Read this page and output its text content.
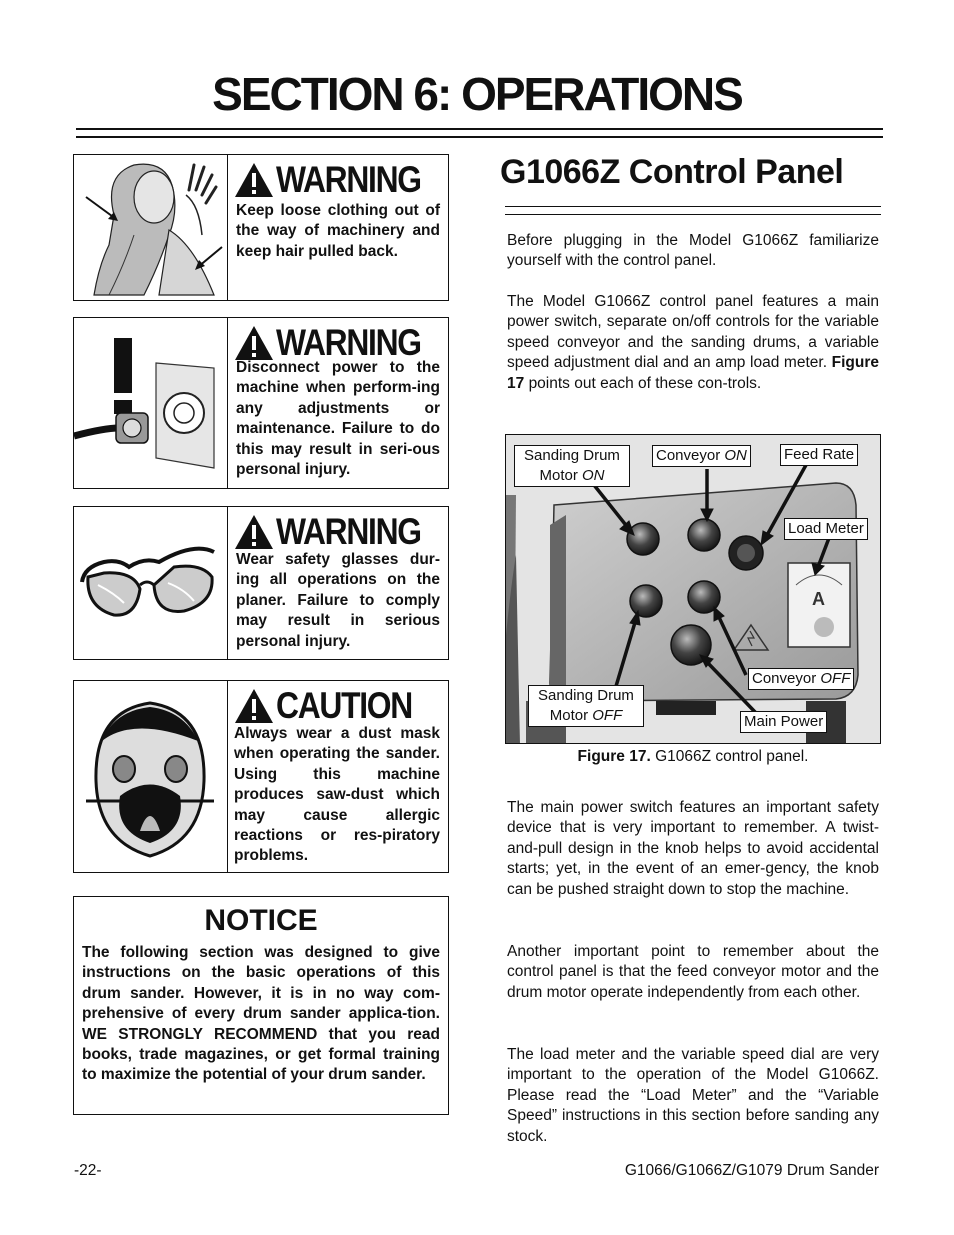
SECTION 6: OPERATIONS
WARNING
Keep loose clothing out of the way of machinery and keep hair pulled back.
WARNING
Disconnect power to the machine when perform-ing any adjustments or maintenance. Failure to do this may result in seri-ous personal injury.
WARNING
Wear safety glasses dur-ing all operations on the planer. Failure to comply may result in serious personal injury.
CAUTION
Always wear a dust mask when operating the sander. Using this machine produces saw-dust which may cause allergic reactions or res-piratory problems.
NOTICE
The following section was designed to give instructions on the basic operations of this drum sander. However, it is in no way com-prehensive of every drum sander applica-tion. WE STRONGLY RECOMMEND that you read books, trade magazines, or get formal training to maximize the potential of your drum sander.
G1066Z Control Panel
Before plugging in the Model G1066Z familiarize yourself with the control panel.
The Model G1066Z control panel features a main power switch, separate on/off controls for the variable speed conveyor and the sanding drums, a variable speed adjustment dial and an amp load meter. Figure 17 points out each of these con-trols.
A
Sanding Drum
Motor ON
Conveyor ON Feed Rate
Load Meter
Conveyor OFF
Sanding Drum
Motor OFF	Main Power
Figure 17. G1066Z control panel.
The main power switch features an important safety device that is very important to remember. A twist-and-pull design in the knob helps to avoid accidental starts; yet, in the event of an emer-gency, the knob can be pushed straight down to stop the machine.
Another important point to remember about the control panel is that the feed conveyor motor and the drum motor operate independently from each other.
The load meter and the variable speed dial are very important to the operation of the Model G1066Z. Please read the “Load Meter” and the “Variable Speed” instructions in this section before sanding any stock.
-22-	G1066/G1066Z/G1079 Drum Sander
